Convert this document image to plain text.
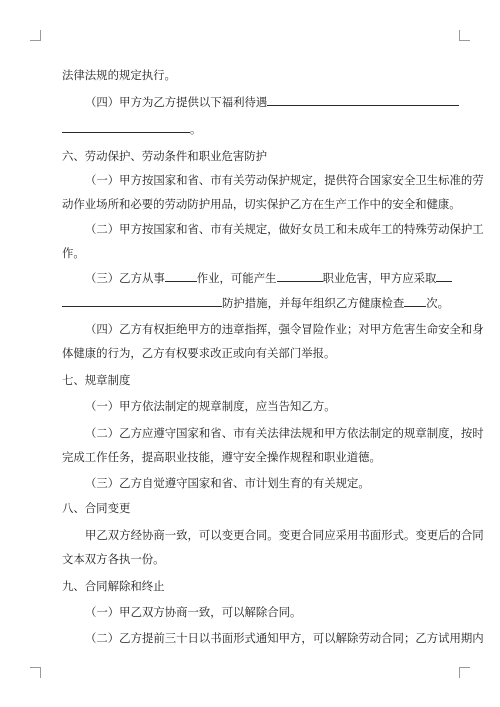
法律法规的规定执行。
（四）甲方为乙方提供以下福利待遇
。
六、劳动保护、劳动条件和职业危害防护
（一）甲方按国家和省、市有关劳动保护规定，提供符合国家安全卫生标准的劳
动作业场所和必要的劳动防护用品，切实保护乙方在生产工作中的安全和健康。
（二）甲方按国家和省、市有关规定，做好女员工和未成年工的特殊劳动保护工
作。
（三）乙方从事	作业，可能产生	职业危害，甲方应采取
防护措施，并每年组织乙方健康检查 次。
（四）乙方有权拒绝甲方的违章指挥，强令冒险作业；对甲方危害生命安全和身
体健康的行为，乙方有权要求改正或向有关部门举报。
七、规章制度
（一）甲方依法制定的规章制度，应当告知乙方。
（二）乙方应遵守国家和省、市有关法律法规和甲方依法制定的规章制度，按时
完成工作任务，提高职业技能，遵守安全操作规程和职业道德。
（三）乙方自觉遵守国家和省、市计划生育的有关规定。
八、合同变更
甲乙双方经协商一致，可以变更合同。变更合同应采用书面形式。变更后的合同
文本双方各执一份。
九、合同解除和终止
（一）甲乙双方协商一致，可以解除合同。
（二）乙方提前三十日以书面形式通知甲方，可以解除劳动合同；乙方试用期内
